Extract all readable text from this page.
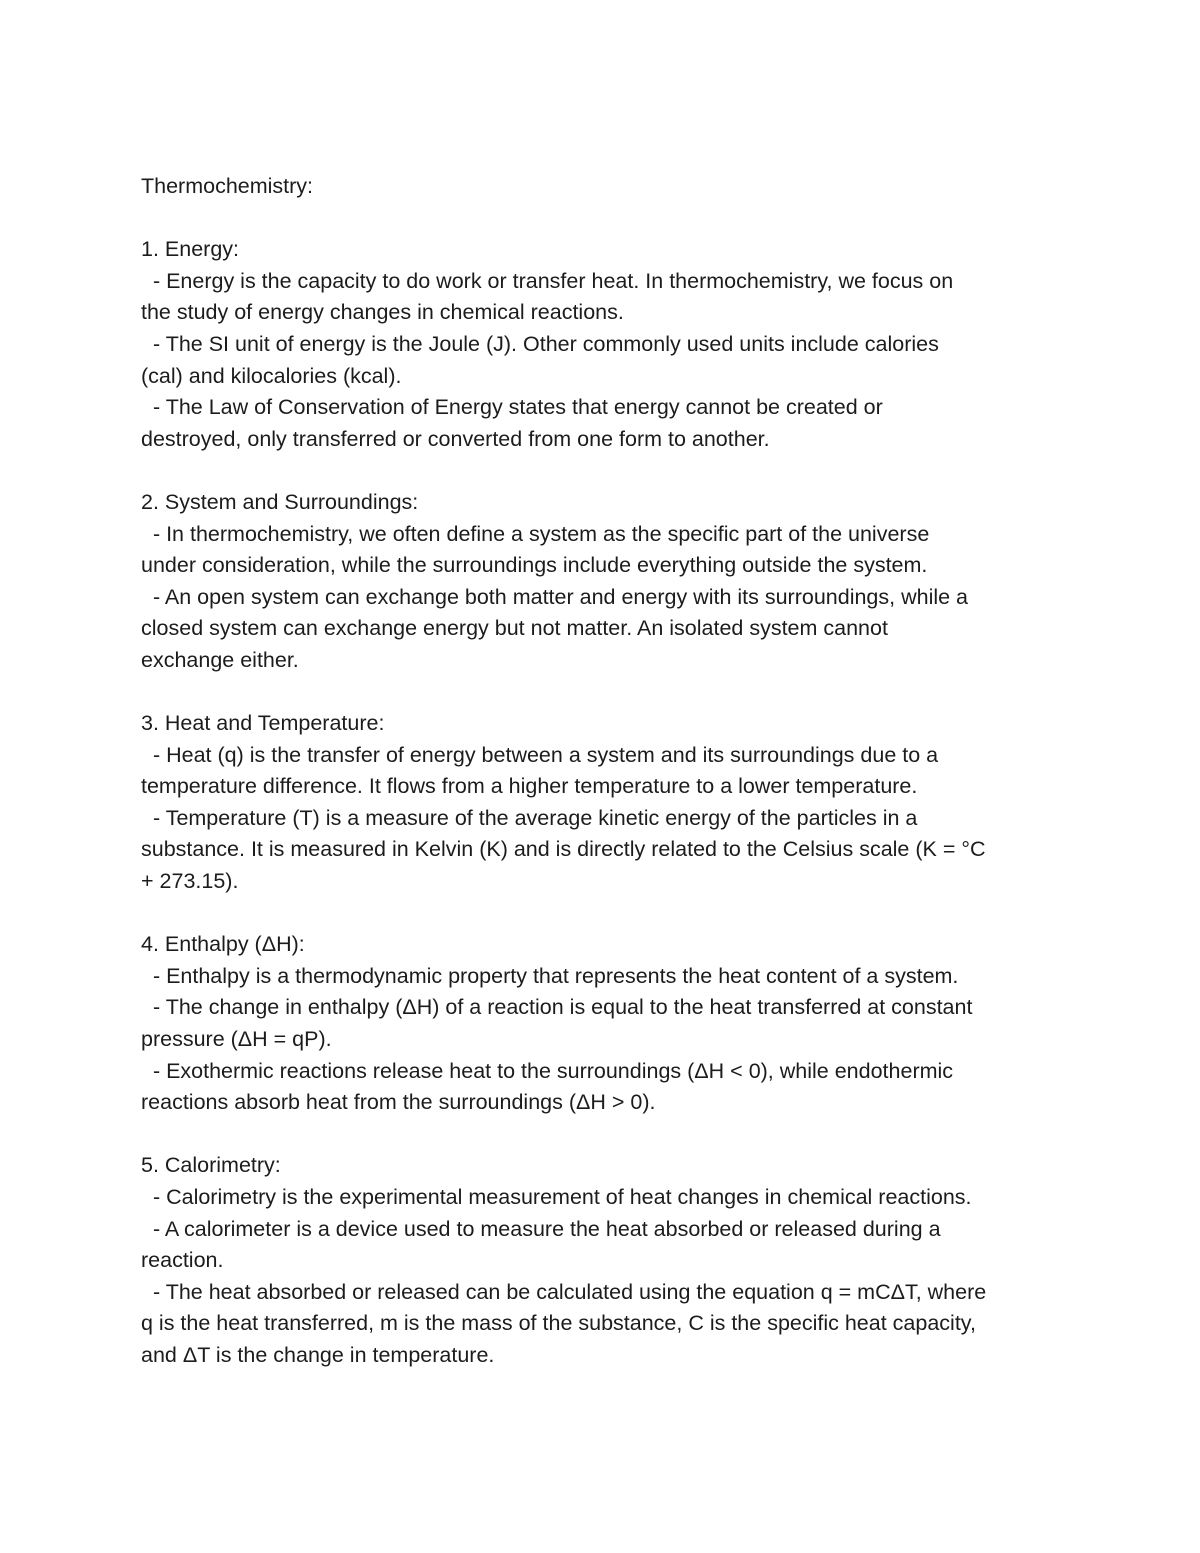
Thermochemistry:
1. Energy:
- Energy is the capacity to do work or transfer heat. In thermochemistry, we focus on
the study of energy changes in chemical reactions.
- The SI unit of energy is the Joule (J). Other commonly used units include calories
(cal) and kilocalories (kcal).
- The Law of Conservation of Energy states that energy cannot be created or
destroyed, only transferred or converted from one form to another.
2. System and Surroundings:
- In thermochemistry, we often define a system as the specific part of the universe
under consideration, while the surroundings include everything outside the system.
- An open system can exchange both matter and energy with its surroundings, while a
closed system can exchange energy but not matter. An isolated system cannot
exchange either.
3. Heat and Temperature:
- Heat (q) is the transfer of energy between a system and its surroundings due to a
temperature difference. It flows from a higher temperature to a lower temperature.
- Temperature (T) is a measure of the average kinetic energy of the particles in a
substance. It is measured in Kelvin (K) and is directly related to the Celsius scale (K = °C
+ 273.15).
4. Enthalpy (ΔH):
- Enthalpy is a thermodynamic property that represents the heat content of a system.
- The change in enthalpy (ΔH) of a reaction is equal to the heat transferred at constant
pressure (ΔH = qP).
- Exothermic reactions release heat to the surroundings (ΔH < 0), while endothermic
reactions absorb heat from the surroundings (ΔH > 0).
5. Calorimetry:
- Calorimetry is the experimental measurement of heat changes in chemical reactions.
- A calorimeter is a device used to measure the heat absorbed or released during a
reaction.
- The heat absorbed or released can be calculated using the equation q = mCΔT, where
q is the heat transferred, m is the mass of the substance, C is the specific heat capacity,
and ΔT is the change in temperature.
